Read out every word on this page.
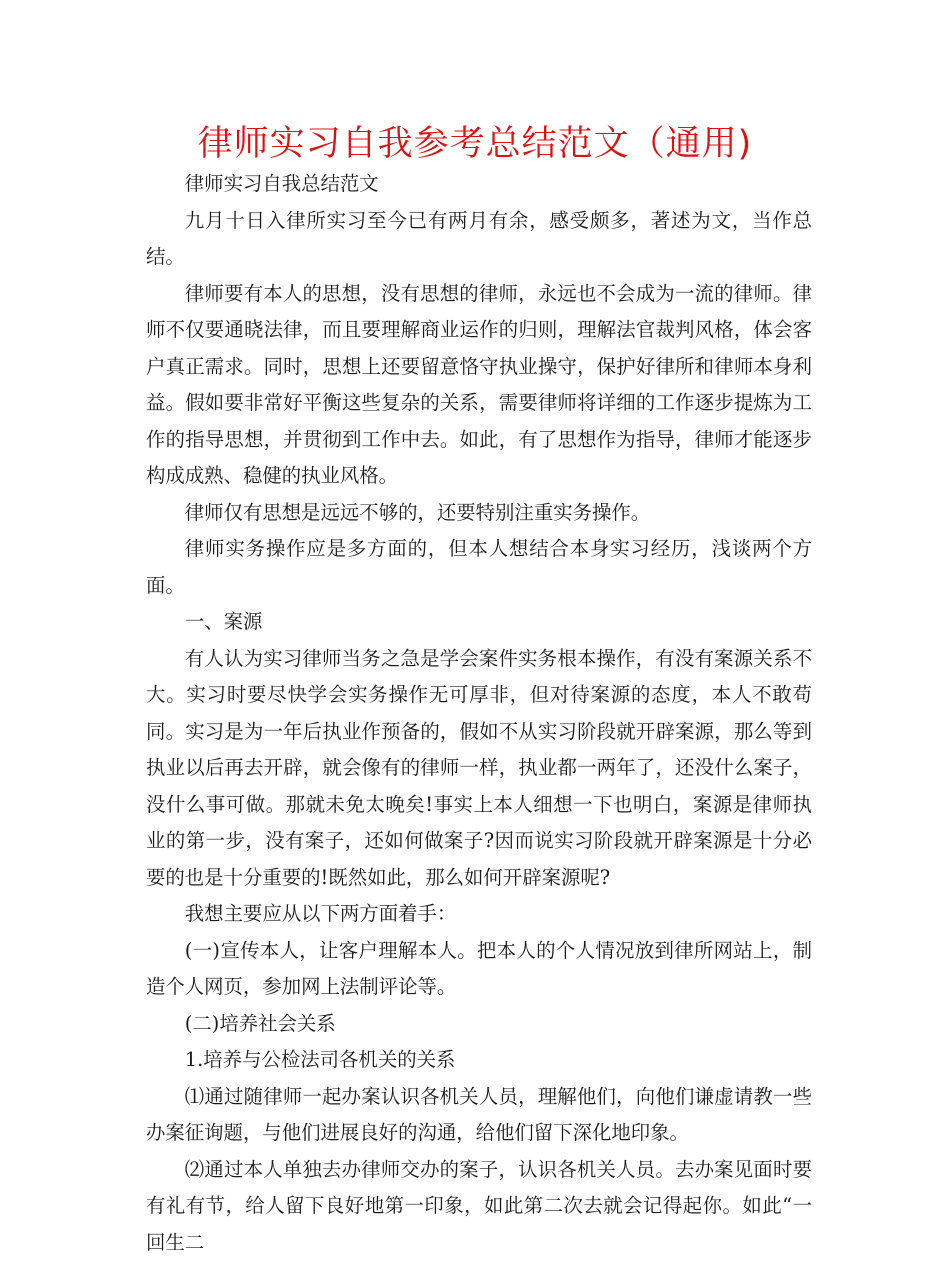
律师实习自我参考总结范文（通用)

律师实习自我总结范文

九月十日入律所实习至今已有两月有余，感受颇多，著述为文，当作总结。

律师要有本人的思想，没有思想的律师，永远也不会成为一流的律师。律师不仅要通晓法律，而且要理解商业运作的归则，理解法官裁判风格，体会客户真正需求。同时，思想上还要留意恪守执业操守，保护好律所和律师本身利益。假如要非常好平衡这些复杂的关系，需要律师将详细的工作逐步提炼为工作的指导思想，并贯彻到工作中去。如此，有了思想作为指导，律师才能逐步构成成熟、稳健的执业风格。

律师仅有思想是远远不够的，还要特别注重实务操作。

律师实务操作应是多方面的，但本人想结合本身实习经历，浅谈两个方面。

一、案源

有人认为实习律师当务之急是学会案件实务根本操作，有没有案源关系不大。实习时要尽快学会实务操作无可厚非，但对待案源的态度，本人不敢苟同。实习是为一年后执业作预备的，假如不从实习阶段就开辟案源，那么等到执业以后再去开辟，就会像有的律师一样，执业都一两年了，还没什么案子，没什么事可做。那就未免太晚矣!事实上本人细想一下也明白，案源是律师执业的第一步，没有案子，还如何做案子?因而说实习阶段就开辟案源是十分必要的也是十分重要的!既然如此，那么如何开辟案源呢?

我想主要应从以下两方面着手：

(一)宣传本人，让客户理解本人。把本人的个人情况放到律所网站上，制造个人网页，参加网上法制评论等。

(二)培养社会关系

1.培养与公检法司各机关的关系

⑴通过随律师一起办案认识各机关人员，理解他们，向他们谦虚请教一些办案征询题，与他们进展良好的沟通，给他们留下深化地印象。

⑵通过本人单独去办律师交办的案子，认识各机关人员。去办案见面时要有礼有节，给人留下良好地第一印象，如此第二次去就会记得起你。如此“一回生二
